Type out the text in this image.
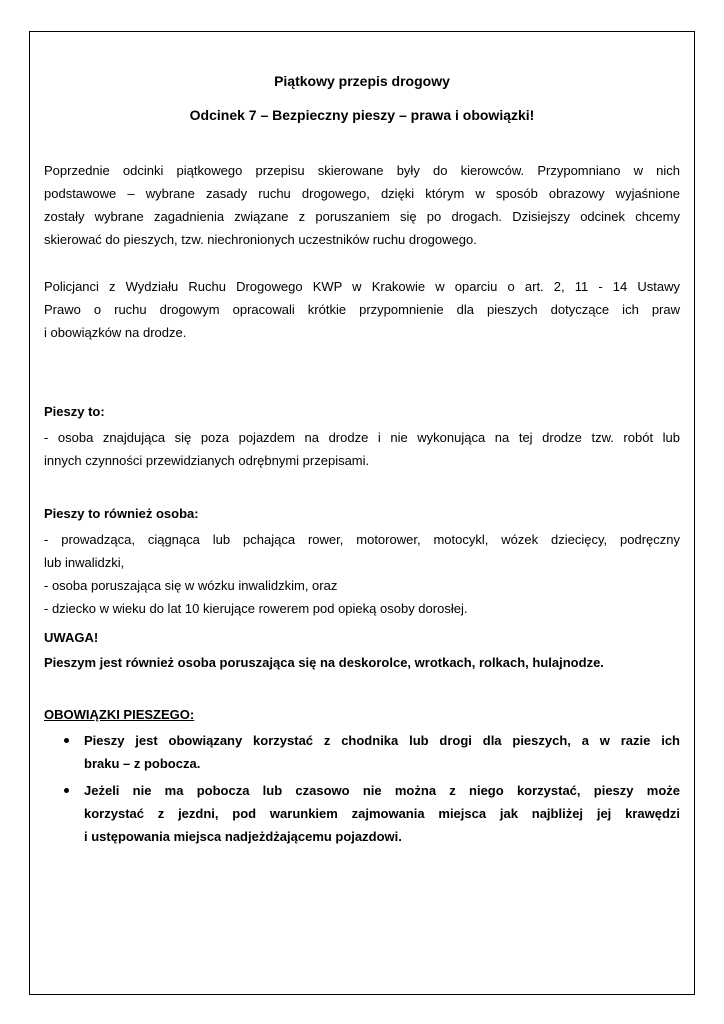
Piątkowy przepis drogowy
Odcinek 7 – Bezpieczny pieszy – prawa i obowiązki!
Poprzednie odcinki piątkowego przepisu skierowane były do kierowców. Przypomniano w nich
podstawowe – wybrane zasady ruchu drogowego, dzięki którym w sposób obrazowy wyjaśnione
zostały wybrane zagadnienia związane z poruszaniem się po drogach. Dzisiejszy odcinek chcemy
skierować do pieszych, tzw. niechronionych uczestników ruchu drogowego.
Policjanci z Wydziału Ruchu Drogowego KWP w Krakowie w oparciu o art. 2, 11 - 14 Ustawy
Prawo o ruchu drogowym opracowali krótkie przypomnienie dla pieszych dotyczące ich praw
i obowiązków na drodze.
Pieszy to:
- osoba znajdująca się poza pojazdem na drodze i nie wykonująca na tej drodze tzw. robót lub
innych czynności przewidzianych odrębnymi przepisami.
Pieszy to również osoba:
- prowadząca, ciągnąca lub pchająca rower, motorower, motocykl, wózek dziecięcy, podręczny
lub inwalidzki,
- osoba poruszająca się w wózku inwalidzkim, oraz
- dziecko w wieku do lat 10 kierujące rowerem pod opieką osoby dorosłej.
UWAGA!
Pieszym jest również osoba poruszająca się na deskorolce, wrotkach, rolkach, hulajnodze.
OBOWIĄZKI PIESZEGO:
Pieszy jest obowiązany korzystać z chodnika lub drogi dla pieszych, a w razie ich
braku – z pobocza.
Jeżeli nie ma pobocza lub czasowo nie można z niego korzystać, pieszy może
korzystać z jezdni, pod warunkiem zajmowania miejsca jak najbliżej jej krawędzi
i ustępowania miejsca nadjeżdżającemu pojazdowi.
